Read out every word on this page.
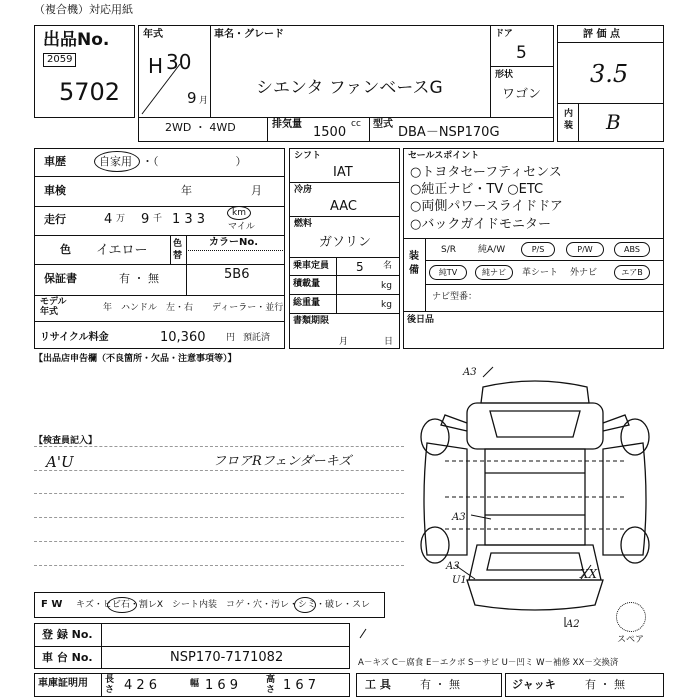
（複合機）対応用紙
出品No.
2059
5702
年式
H 30
9 月
車名・グレード
シエンタ ファンベースG
ドア
5
形状
ワゴン
2WD ・ 4WD	排気量	cc
1500
型式
DBA－NSP170G
評 価 点
3.5
内装 B
車歴	自家用 ・（　　　　　　　）
車検	年	月
走行	4 万 9 千 1 3 3	km
マイル
色 イエロー	色替
カラーNo.
5B6
保証書	有 ・ 無
モデル年式	年 ハンドル　左・右 ディーラー・並行
リサイクル料金	10,360 円 預託済
シフト
IAT
冷房
AAC
燃料
ガソリン
乗車定員 5 名
積載量	kg
総重量	kg
書類期限
月	日
セールスポイント
○トヨタセーフティセンス
○純正ナビ・TV ○ETC
○両側パワースライドドア
○バックガイドモニター
装備
S/R 純A/W	P/S	P/W	ABS
純TV	純ナビ	革シート 外ナビ	エアB
ナビ型番：
後日品
【出品店申告欄（不良箇所・欠品・注意事項等）】
【検査員記入】
A'U	フロアRフェンダーキズ
F W キズ・ヒビ石・割レX　シート内装　コゲ・穴・汚レ・シミ・破レ・スレ
登 録 No.
車 台 No.	NSP170-7171082
車庫証明用 長さ 4 2 6	幅 1 6 9	高さ 1 6 7	工 具	有 ・ 無	ジャッキ	有 ・ 無
A3
A3
A3
U1	XX
A2
スペア
A－キズ C－腐食 E－エクボ S－サビ U－凹ミ W－補修 XX－交換済
